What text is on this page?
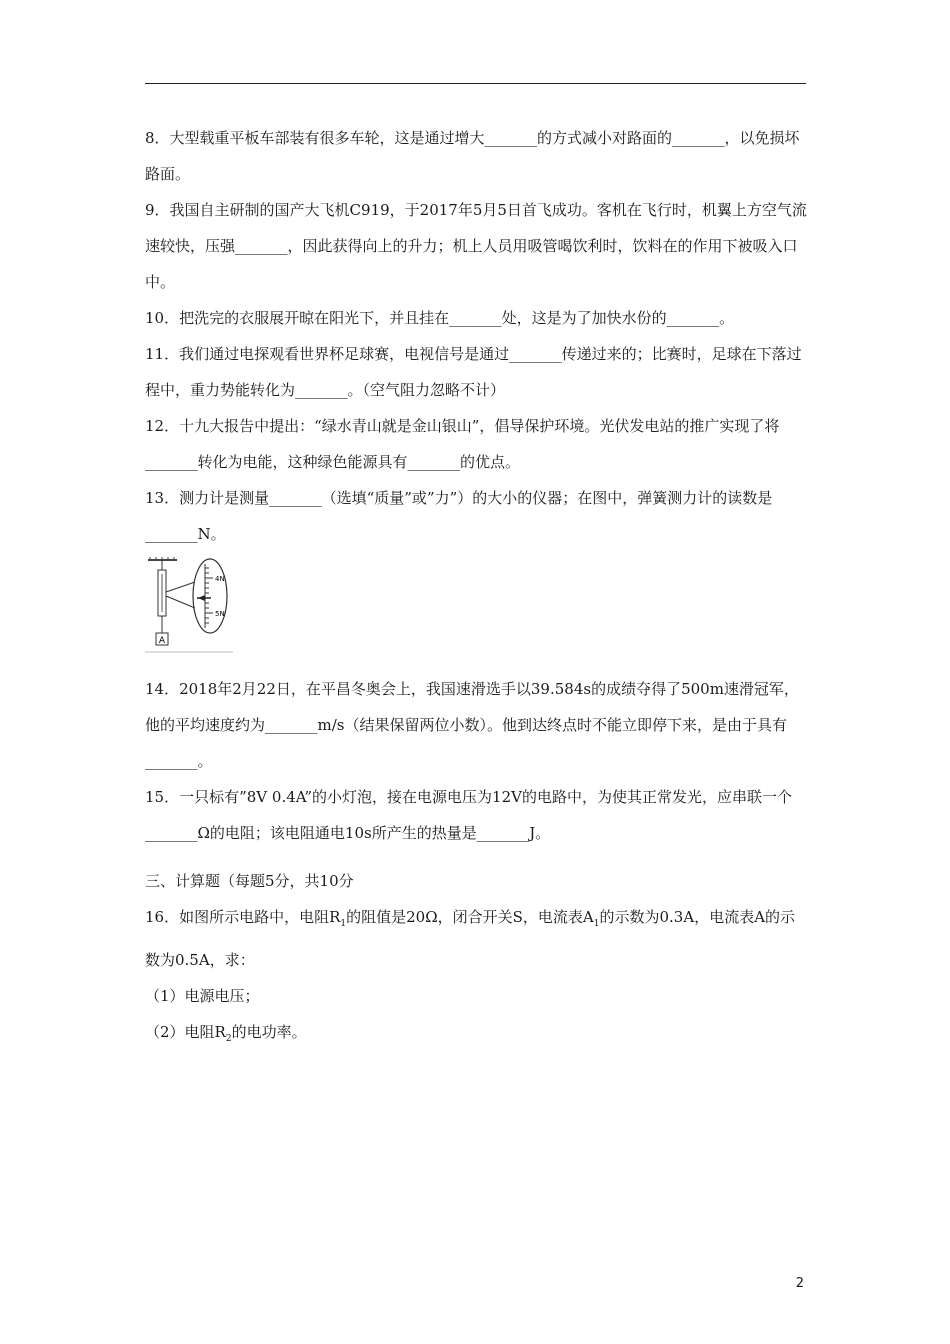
8．大型载重平板车部装有很多车轮，这是通过增大_______的方式减小对路面的_______，以免损坏路面。

9．我国自主研制的国产大飞机C919，于2017年5月5日首飞成功。客机在飞行时，机翼上方空气流速较快，压强_______，因此获得向上的升力；机上人员用吸管喝饮利时，饮料在的作用下被吸入口中。

10．把洗完的衣服展开晾在阳光下，并且挂在_______处，这是为了加快水份的_______。

11．我们通过电探观看世界杯足球赛，电视信号是通过_______传递过来的；比赛时，足球在下落过程中，重力势能转化为_______。（空气阻力忽略不计）

12．十九大报告中提出：“绿水青山就是金山银山”，倡导保护环境。光伏发电站的推广实现了将_______转化为电能，这种绿色能源具有_______的优点。

13．测力计是测量_______（选填“质量”或”力”）的大小的仪器；在图中，弹簧测力计的读数是_______N。

A
4N
5N

14．2018年2月22日，在平昌冬奥会上，我国速滑选手以39.584s的成绩夺得了500m速滑冠军，他的平均速度约为_______m/s（结果保留两位小数）。他到达终点时不能立即停下来，是由于具有_______。

15．一只标有”8V 0.4A”的小灯泡，接在电源电压为12V的电路中，为使其正常发光，应串联一个_______Ω的电阻；该电阻通电10s所产生的热量是_______J。

三、计算题（每题5分，共10分

16．如图所示电路中，电阻$R_1$的阻值是20Ω，闭合开关S，电流表$A_1$的示数为0.3A，电流表A的示数为0.5A，求：

（1）电源电压；

（2）电阻$R_2$的电功率。

2
